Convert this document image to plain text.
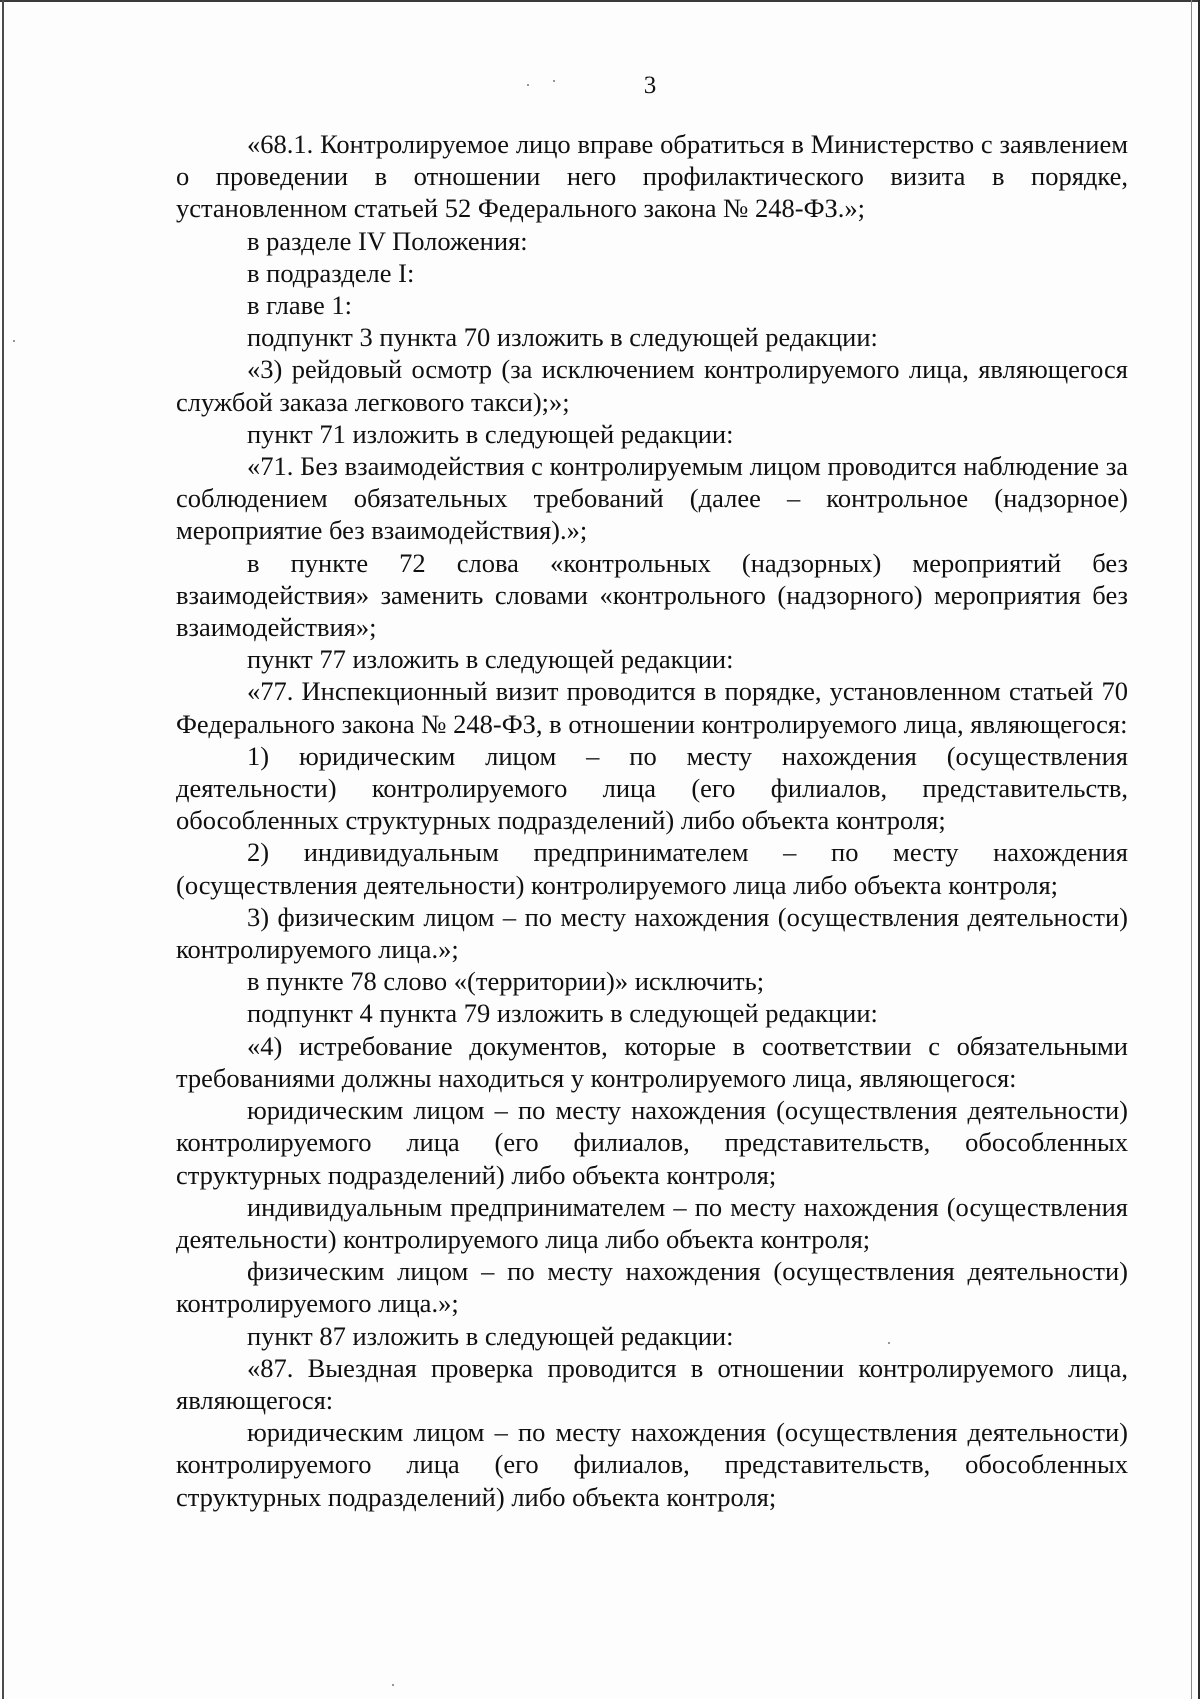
3

«68.1. Контролируемое лицо вправе обратиться в Министерство с заявлением о проведении в отношении него профилактического визита в порядке, установленном статьей 52 Федерального закона № 248-ФЗ.»;

в разделе IV Положения:

в подразделе I:

в главе 1:

подпункт 3 пункта 70 изложить в следующей редакции:

«3) рейдовый осмотр (за исключением контролируемого лица, являющегося службой заказа легкового такси);»;

пункт 71 изложить в следующей редакции:

«71. Без взаимодействия с контролируемым лицом проводится наблюдение за соблюдением обязательных требований (далее – контрольное (надзорное) мероприятие без взаимодействия).»;

в пункте 72 слова «контрольных (надзорных) мероприятий без взаимодействия» заменить словами «контрольного (надзорного) мероприятия без взаимодействия»;

пункт 77 изложить в следующей редакции:

«77. Инспекционный визит проводится в порядке, установленном статьей 70 Федерального закона № 248-ФЗ, в отношении контролируемого лица, являющегося:

1) юридическим лицом – по месту нахождения (осуществления деятельности) контролируемого лица (его филиалов, представительств, обособленных структурных подразделений) либо объекта контроля;

2) индивидуальным предпринимателем – по месту нахождения (осуществления деятельности) контролируемого лица либо объекта контроля;

3) физическим лицом – по месту нахождения (осуществления деятельности) контролируемого лица.»;

в пункте 78 слово «(территории)» исключить;

подпункт 4 пункта 79 изложить в следующей редакции:

«4) истребование документов, которые в соответствии с обязательными требованиями должны находиться у контролируемого лица, являющегося:

юридическим лицом – по месту нахождения (осуществления деятельности) контролируемого лица (его филиалов, представительств, обособленных структурных подразделений) либо объекта контроля;

индивидуальным предпринимателем – по месту нахождения (осуществления деятельности) контролируемого лица либо объекта контроля;

физическим лицом – по месту нахождения (осуществления деятельности) контролируемого лица.»;

пункт 87 изложить в следующей редакции:

«87. Выездная проверка проводится в отношении контролируемого лица, являющегося:

юридическим лицом – по месту нахождения (осуществления деятельности) контролируемого лица (его филиалов, представительств, обособленных структурных подразделений) либо объекта контроля;
